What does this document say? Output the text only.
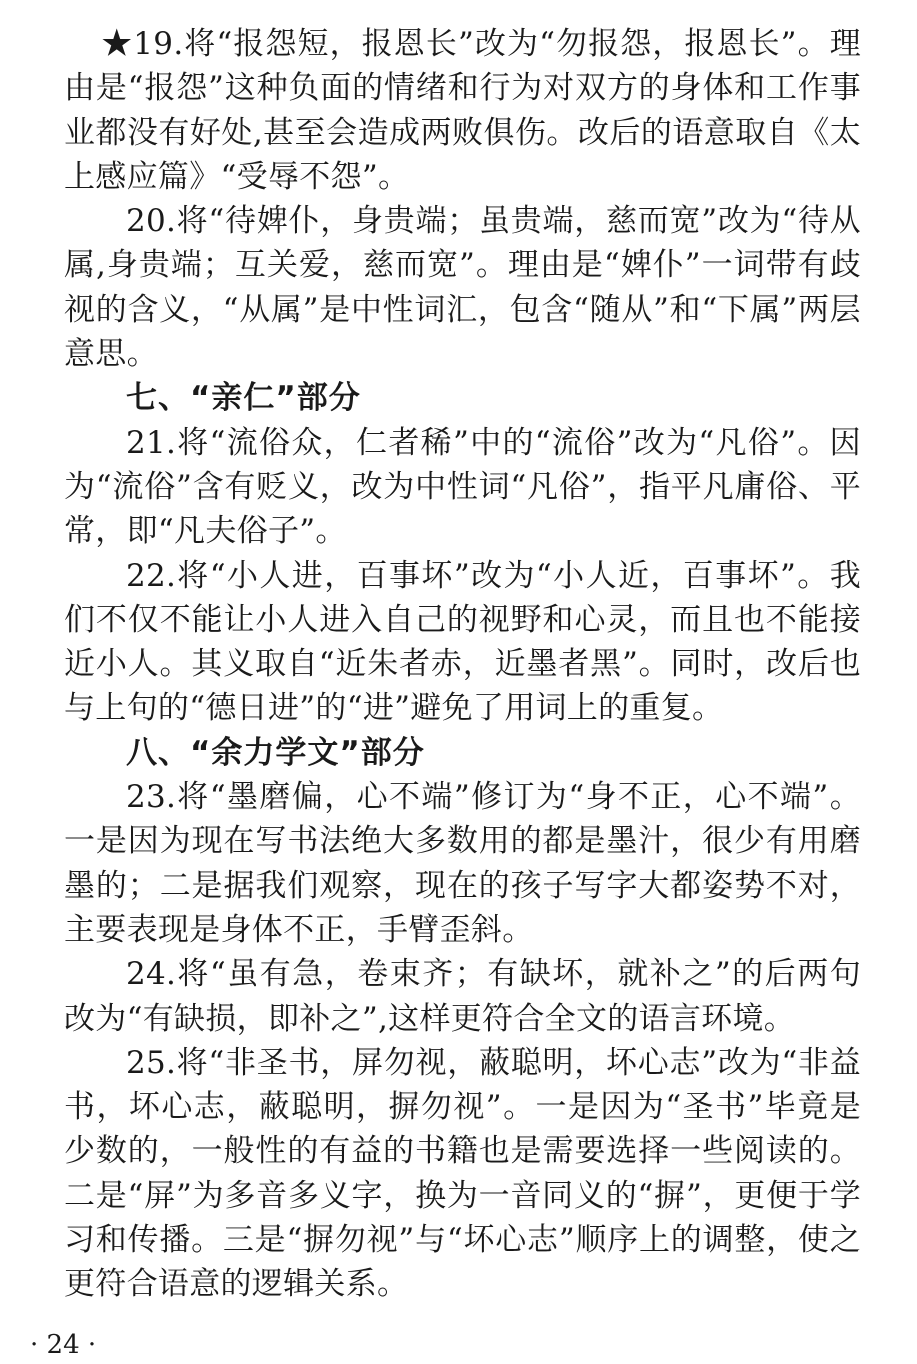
★19.将“报怨短，报恩长”改为“勿报怨，报恩长”。理由是“报怨”这种负面的情绪和行为对双方的身体和工作事业都没有好处,甚至会造成两败俱伤。改后的语意取自《太上感应篇》“受辱不怨”。

20.将“待婢仆，身贵端；虽贵端，慈而宽”改为“待从属,身贵端；互关爱，慈而宽”。理由是“婢仆”一词带有歧视的含义，“从属”是中性词汇，包含“随从”和“下属”两层意思。

七、“亲仁”部分

21.将“流俗众，仁者稀”中的“流俗”改为“凡俗”。因为“流俗”含有贬义，改为中性词“凡俗”，指平凡庸俗、平常，即“凡夫俗子”。

22.将“小人进，百事坏”改为“小人近，百事坏”。我们不仅不能让小人进入自己的视野和心灵，而且也不能接近小人。其义取自“近朱者赤，近墨者黑”。同时，改后也与上句的“德日进”的“进”避免了用词上的重复。

八、“余力学文”部分

23.将“墨磨偏，心不端”修订为“身不正，心不端”。一是因为现在写书法绝大多数用的都是墨汁，很少有用磨墨的；二是据我们观察，现在的孩子写字大都姿势不对，主要表现是身体不正，手臂歪斜。

24.将“虽有急，卷束齐；有缺坏，就补之”的后两句改为“有缺损，即补之”,这样更符合全文的语言环境。

25.将“非圣书，屏勿视，蔽聪明，坏心志”改为“非益书，坏心志，蔽聪明，摒勿视”。一是因为“圣书”毕竟是少数的，一般性的有益的书籍也是需要选择一些阅读的。二是“屏”为多音多义字，换为一音同义的“摒”，更便于学习和传播。三是“摒勿视”与“坏心志”顺序上的调整，使之更符合语意的逻辑关系。

· 24 ·
